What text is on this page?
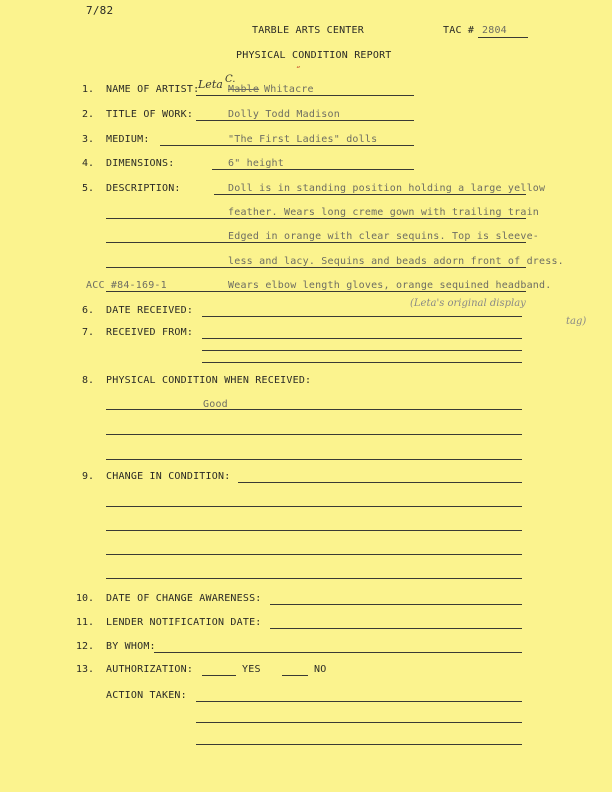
7/82
TARBLE ARTS CENTER	TAC # 2804
PHYSICAL CONDITION REPORT
˝
1. NAME OF ARTIST:
Leta C.
Mable Whitacre
2. TITLE OF WORK:	Dolly Todd Madison
3. MEDIUM:	"The First Ladies" dolls
4. DIMENSIONS:	6" height
5. DESCRIPTION:	Doll is in standing position holding a large yellow
feather. Wears long creme gown with trailing train
Edged in orange with clear sequins. Top is sleeve-
less and lacy. Sequins and beads adorn front of dress.
ACC #84-169-1	Wears elbow length gloves, orange sequined headband.
6. DATE RECEIVED:
(Leta's original display
tag)
7. RECEIVED FROM:
8. PHYSICAL CONDITION WHEN RECEIVED:
Good
9. CHANGE IN CONDITION:
10. DATE OF CHANGE AWARENESS:
11. LENDER NOTIFICATION DATE:
12. BY WHOM:
13. AUTHORIZATION:	YES	NO
ACTION TAKEN:
